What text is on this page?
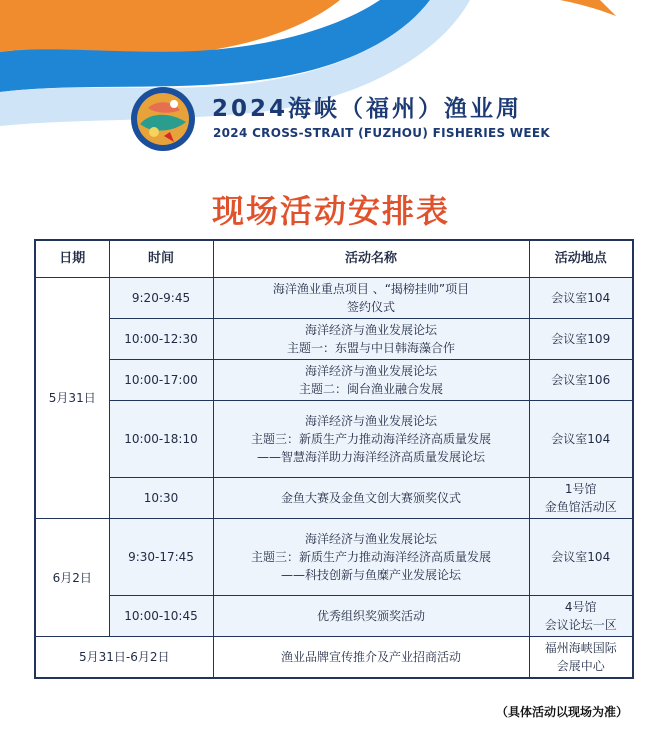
2024海峡（福州）渔业周
2024 CROSS-STRAIT (FUZHOU) FISHERIES WEEK
现场活动安排表
日期	时间	活动名称	活动地点
5月31日	9:20-9:45	海洋渔业重点项目 、“揭榜挂帅”项目
签约仪式	会议室104

	10:00-12:30	海洋经济与渔业发展论坛
主题一：东盟与中日韩海藻合作	会议室109

	10:00-17:00	海洋经济与渔业发展论坛
主题二：闽台渔业融合发展	会议室106

	10:00-18:10	海洋经济与渔业发展论坛
主题三：新质生产力推动海洋经济高质量发展
——智慧海洋助力海洋经济高质量发展论坛	会议室104

	10:30	金鱼大赛及金鱼文创大赛颁奖仪式	1号馆
金鱼馆活动区

6月2日	9:30-17:45	海洋经济与渔业发展论坛
主题三：新质生产力推动海洋经济高质量发展
——科技创新与鱼糜产业发展论坛	会议室104

	10:00-10:45	优秀组织奖颁奖活动	4号馆
会议论坛一区

5月31日-6月2日		渔业品牌宣传推介及产业招商活动	福州海峡国际
会展中心
（具体活动以现场为准）
